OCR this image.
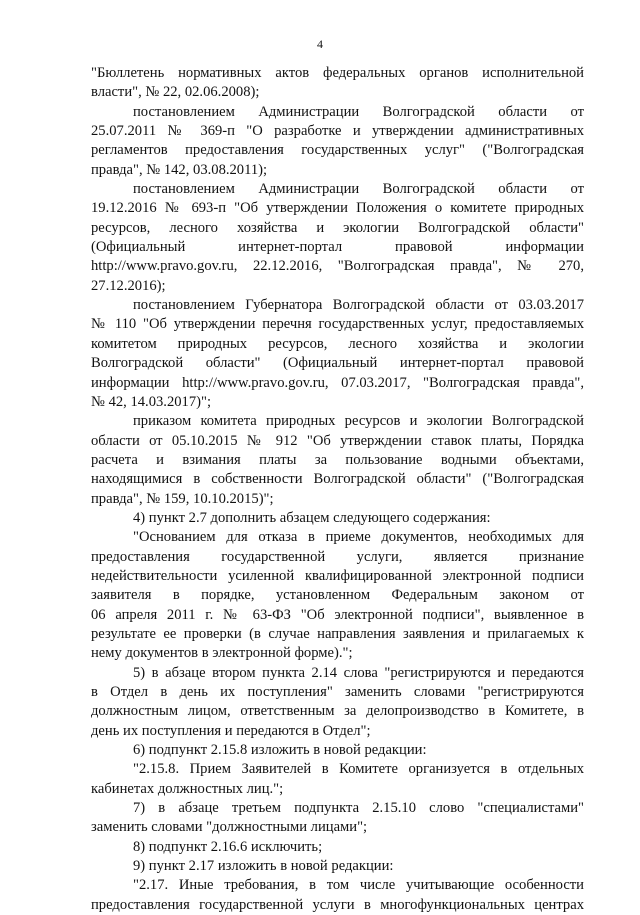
4
"Бюллетень нормативных актов федеральных органов исполнительной
власти", № 22, 02.06.2008);
постановлением Администрации Волгоградской области от
25.07.2011 № 369-п "О разработке и утверждении административных
регламентов предоставления государственных услуг" ("Волгоградская
правда", № 142, 03.08.2011);
постановлением Администрации Волгоградской области от
19.12.2016 № 693-п "Об утверждении Положения о комитете природных
ресурсов, лесного хозяйства и экологии Волгоградской области"
(Официальный интернет-портал правовой информации
http://www.pravo.gov.ru, 22.12.2016, "Волгоградская правда", № 270,
27.12.2016);
постановлением Губернатора Волгоградской области от 03.03.2017
№ 110 "Об утверждении перечня государственных услуг, предоставляемых
комитетом природных ресурсов, лесного хозяйства и экологии
Волгоградской области" (Официальный интернет-портал правовой
информации http://www.pravo.gov.ru, 07.03.2017, "Волгоградская правда",
№ 42, 14.03.2017)";
приказом комитета природных ресурсов и экологии Волгоградской
области от 05.10.2015 № 912 "Об утверждении ставок платы, Порядка
расчета и взимания платы за пользование водными объектами,
находящимися в собственности Волгоградской области" ("Волгоградская
правда", № 159, 10.10.2015)";
4) пункт 2.7 дополнить абзацем следующего содержания:
"Основанием для отказа в приеме документов, необходимых для
предоставления государственной услуги, является признание
недействительности усиленной квалифицированной электронной подписи
заявителя в порядке, установленном Федеральным законом от
06 апреля 2011 г. № 63-ФЗ "Об электронной подписи", выявленное в
результате ее проверки (в случае направления заявления и прилагаемых к
нему документов в электронной форме).";
5) в абзаце втором пункта 2.14 слова "регистрируются и передаются
в Отдел в день их поступления" заменить словами "регистрируются
должностным лицом, ответственным за делопроизводство в Комитете, в
день их поступления и передаются в Отдел";
6) подпункт 2.15.8 изложить в новой редакции:
"2.15.8. Прием Заявителей в Комитете организуется в отдельных
кабинетах должностных лиц.";
7) в абзаце третьем подпункта 2.15.10 слово "специалистами"
заменить словами "должностными лицами";
8) подпункт 2.16.6 исключить;
9) пункт 2.17 изложить в новой редакции:
"2.17. Иные требования, в том числе учитывающие особенности
предоставления государственной услуги в многофункциональных центрах
